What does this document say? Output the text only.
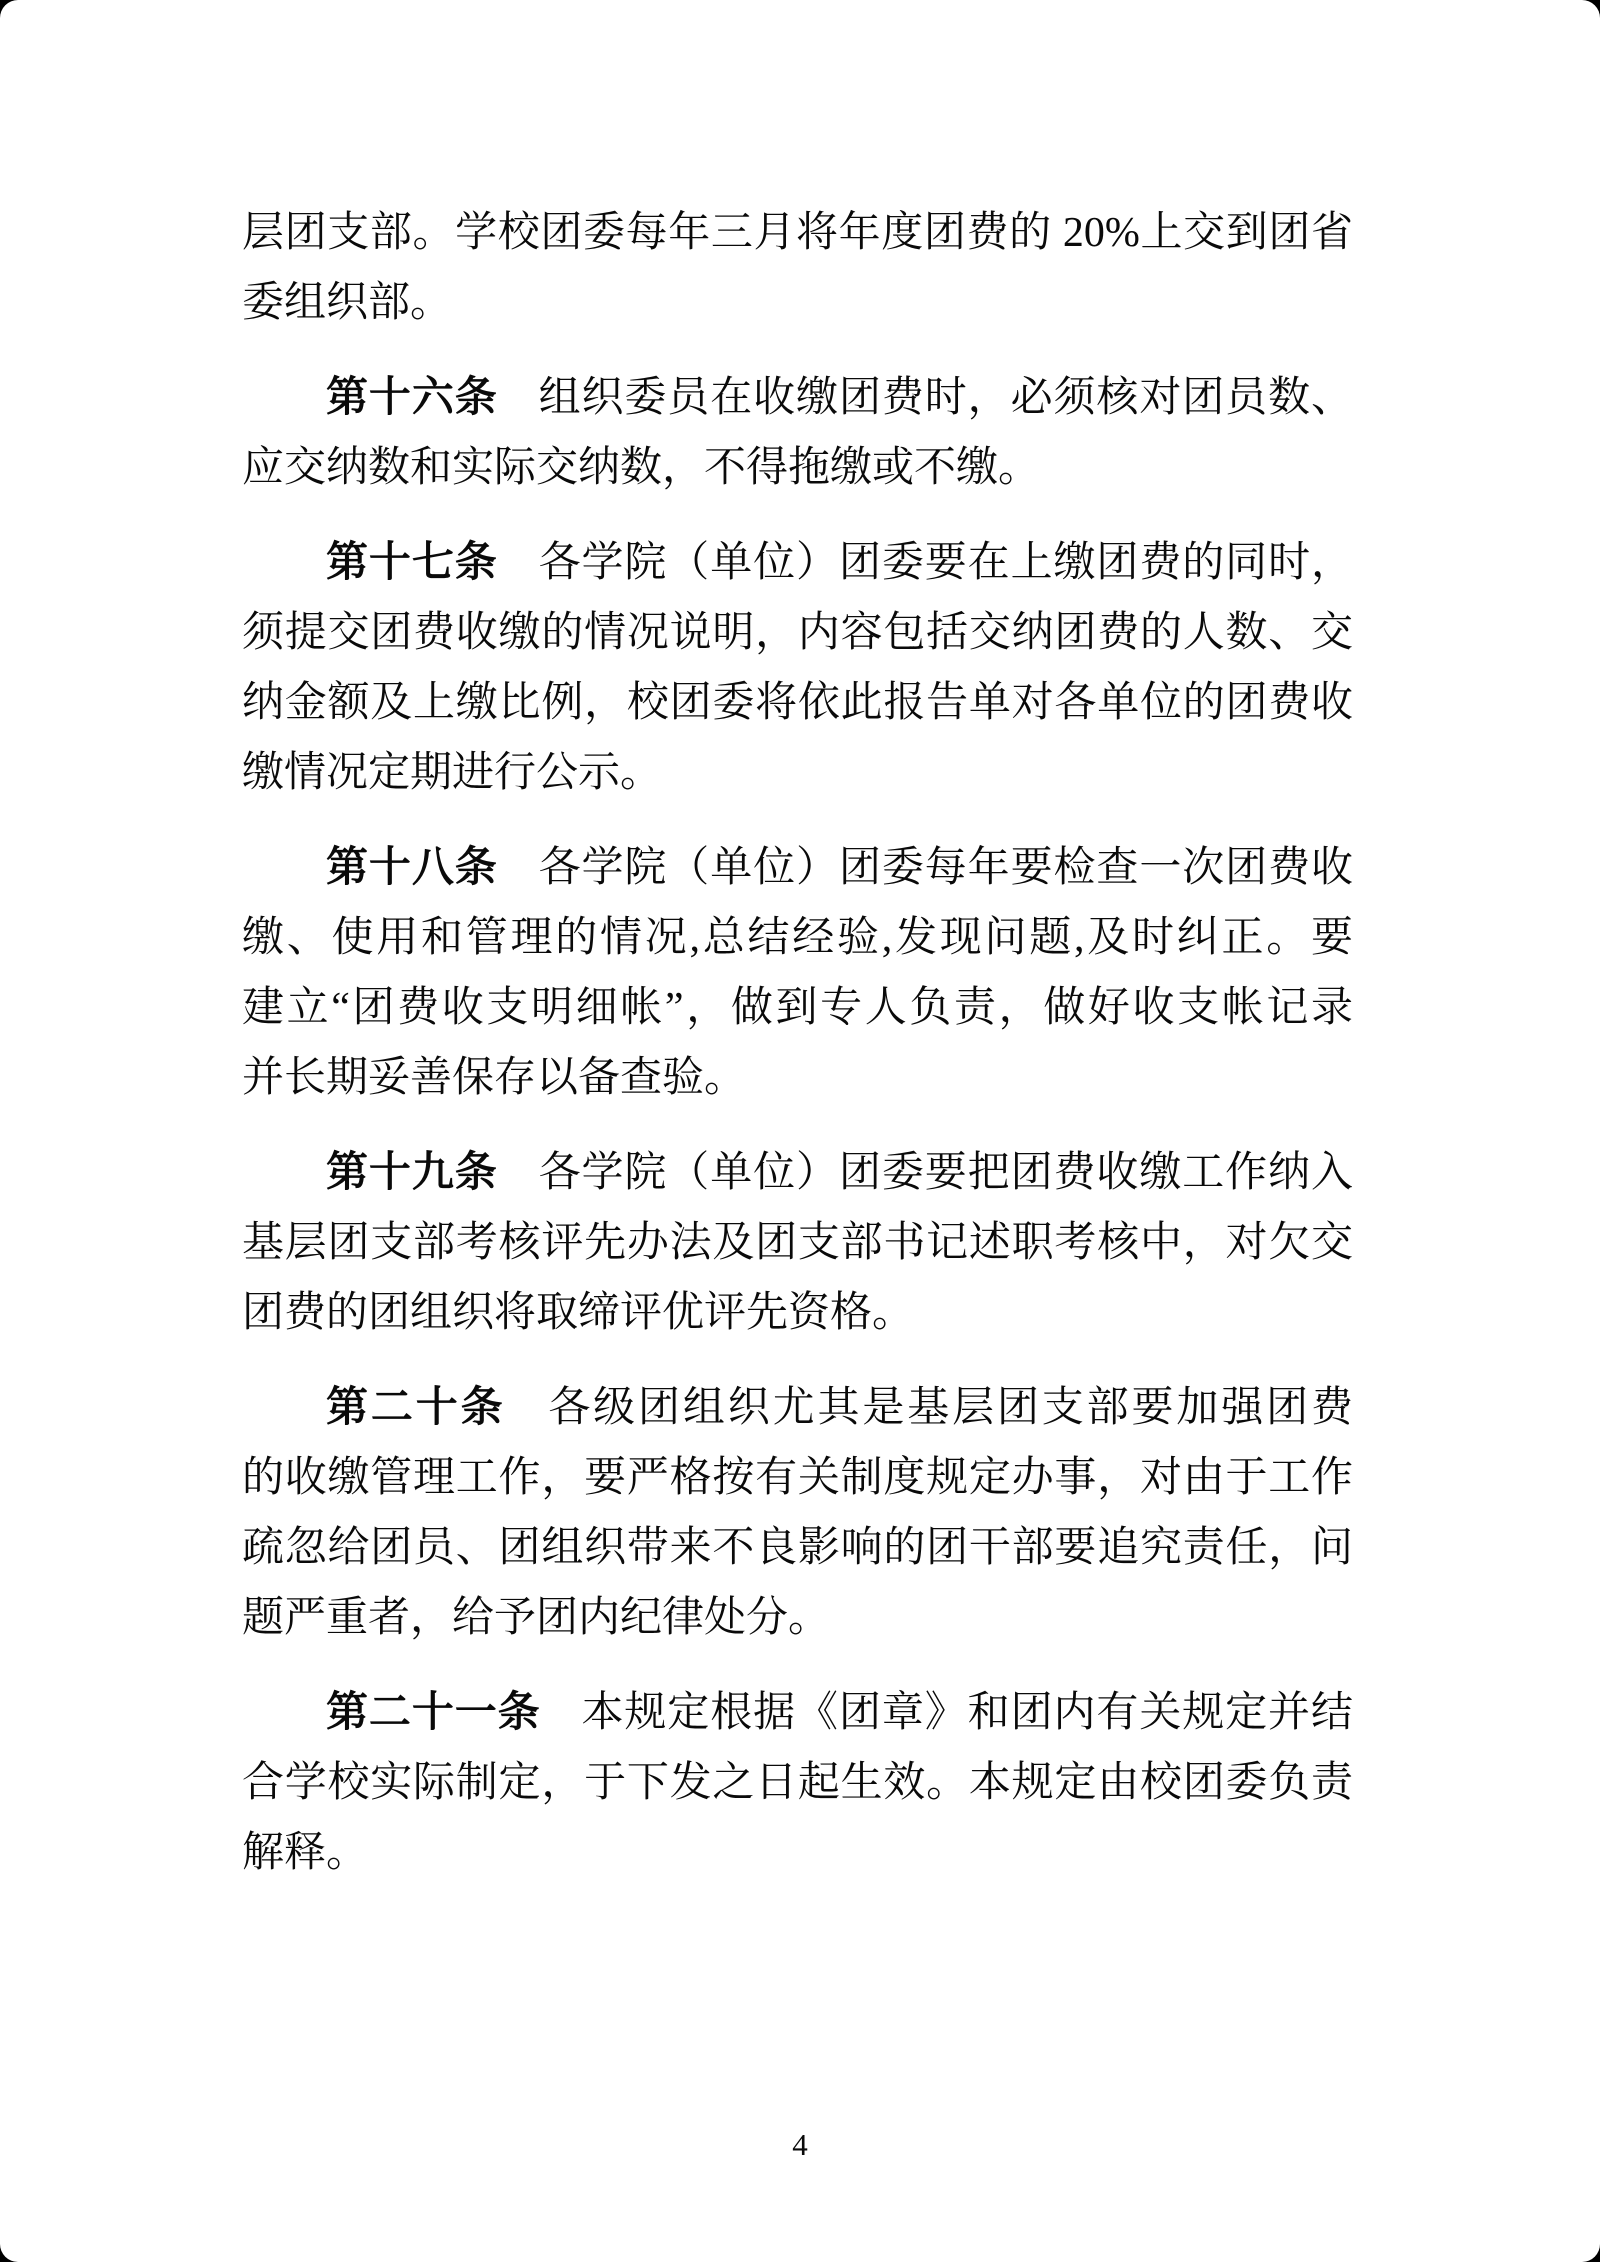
层团支部。学校团委每年三月将年度团费的 20%上交到团省
委组织部。
第十六条 组织委员在收缴团费时，必须核对团员数、
应交纳数和实际交纳数，不得拖缴或不缴。
第十七条 各学院（单位）团委要在上缴团费的同时，
须提交团费收缴的情况说明，内容包括交纳团费的人数、交
纳金额及上缴比例，校团委将依此报告单对各单位的团费收
缴情况定期进行公示。
第十八条 各学院（单位）团委每年要检查一次团费收
缴、使用和管理的情况,总结经验,发现问题,及时纠正。要
建立“团费收支明细帐”，做到专人负责，做好收支帐记录
并长期妥善保存以备查验。
第十九条 各学院（单位）团委要把团费收缴工作纳入
基层团支部考核评先办法及团支部书记述职考核中，对欠交
团费的团组织将取缔评优评先资格。
第二十条 各级团组织尤其是基层团支部要加强团费
的收缴管理工作，要严格按有关制度规定办事，对由于工作
疏忽给团员、团组织带来不良影响的团干部要追究责任，问
题严重者，给予团内纪律处分。
第二十一条 本规定根据《团章》和团内有关规定并结
合学校实际制定，于下发之日起生效。本规定由校团委负责
解释。
4
